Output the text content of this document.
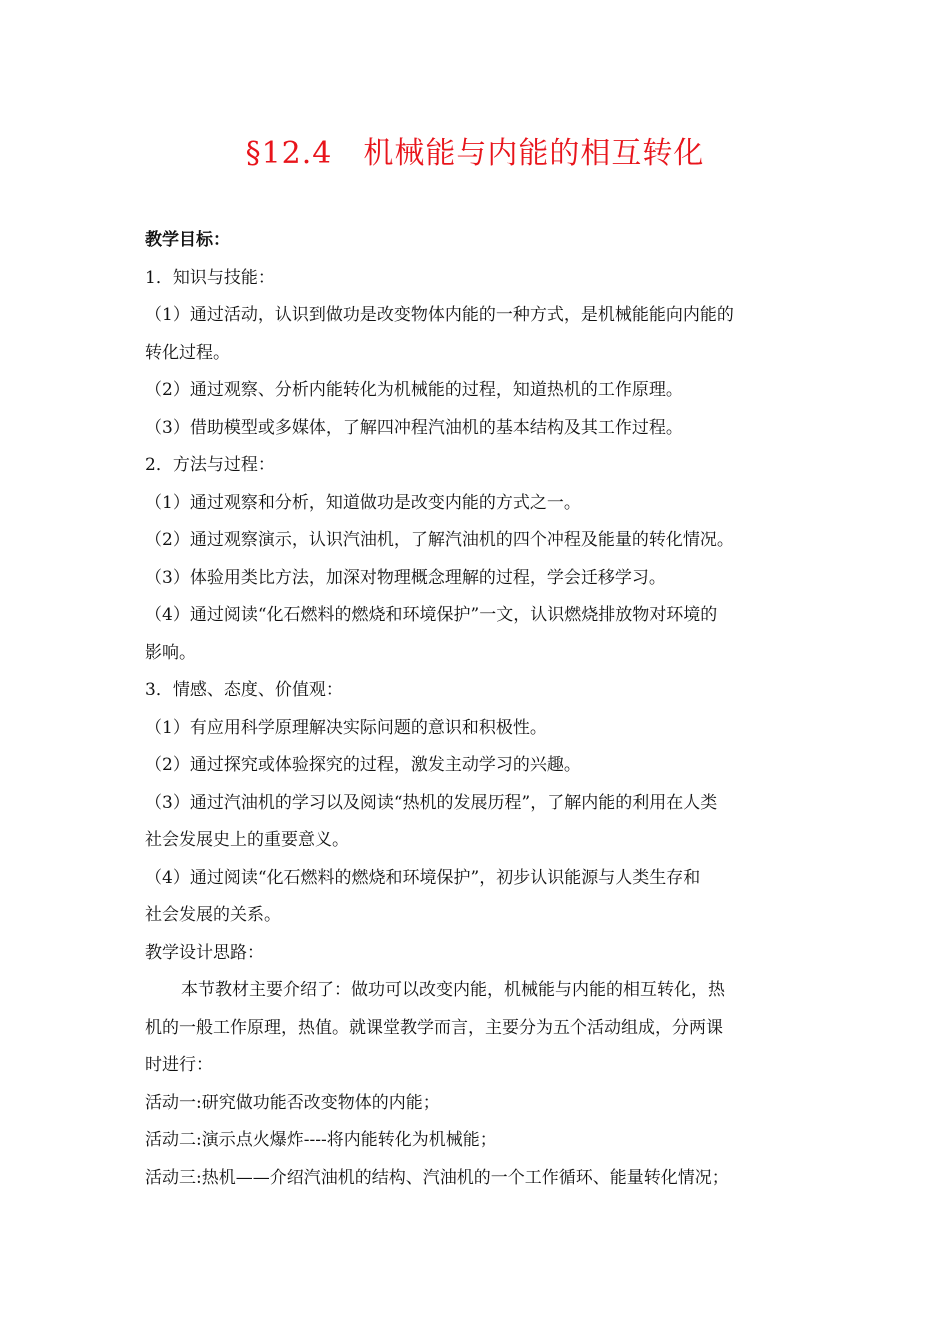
§12.4　机械能与内能的相互转化
教学目标：
1．知识与技能：
（1）通过活动，认识到做功是改变物体内能的一种方式，是机械能能向内能的
转化过程。
（2）通过观察、分析内能转化为机械能的过程，知道热机的工作原理。
（3）借助模型或多媒体，了解四冲程汽油机的基本结构及其工作过程。
2．方法与过程：
（1）通过观察和分析，知道做功是改变内能的方式之一。
（2）通过观察演示，认识汽油机，了解汽油机的四个冲程及能量的转化情况。
（3）体验用类比方法，加深对物理概念理解的过程，学会迁移学习。
（4）通过阅读“化石燃料的燃烧和环境保护”一文，认识燃烧排放物对环境的
影响。
3．情感、态度、价值观：
（1）有应用科学原理解决实际问题的意识和积极性。
（2）通过探究或体验探究的过程，激发主动学习的兴趣。
（3）通过汽油机的学习以及阅读“热机的发展历程”，了解内能的利用在人类
社会发展史上的重要意义。
（4）通过阅读“化石燃料的燃烧和环境保护”，初步认识能源与人类生存和
社会发展的关系。
教学设计思路：
本节教材主要介绍了：做功可以改变内能，机械能与内能的相互转化，热
机的一般工作原理，热值。就课堂教学而言，主要分为五个活动组成，分两课
时进行：
活动一:研究做功能否改变物体的内能；
活动二:演示点火爆炸----将内能转化为机械能；
活动三:热机——介绍汽油机的结构、汽油机的一个工作循环、能量转化情况；
